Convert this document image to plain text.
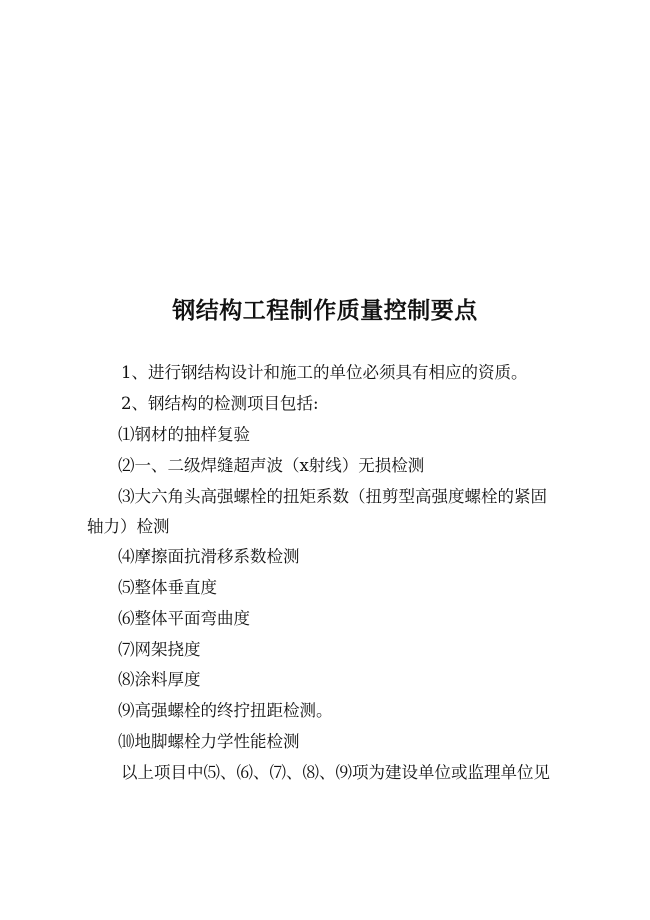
钢结构工程制作质量控制要点
1、进行钢结构设计和施工的单位必须具有相应的资质。
2、钢结构的检测项目包括:
⑴钢材的抽样复验
⑵一、二级焊缝超声波（x射线）无损检测
⑶大六角头高强螺栓的扭矩系数（扭剪型高强度螺栓的紧固
轴力）检测
⑷摩擦面抗滑移系数检测
⑸整体垂直度
⑹整体平面弯曲度
⑺网架挠度
⑻涂料厚度
⑼高强螺栓的终拧扭距检测。
⑽地脚螺栓力学性能检测
以上项目中⑸、⑹、⑺、⑻、⑼项为建设单位或监理单位见
